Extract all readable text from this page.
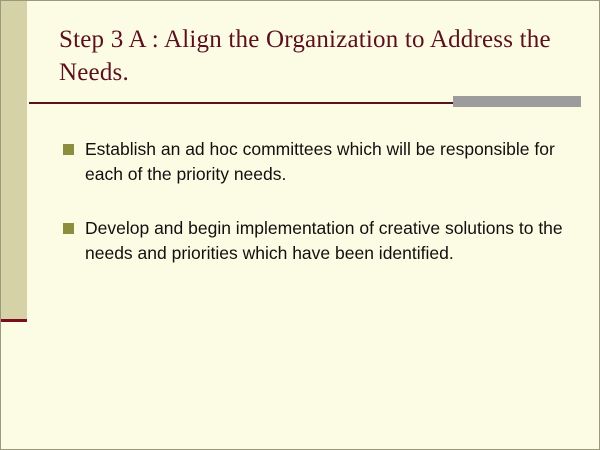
Step 3 A : Align the Organization to Address the Needs.
Establish an ad hoc committees which will be responsible for each of the priority needs.
Develop and begin implementation of creative solutions to the needs and priorities which have been identified.
